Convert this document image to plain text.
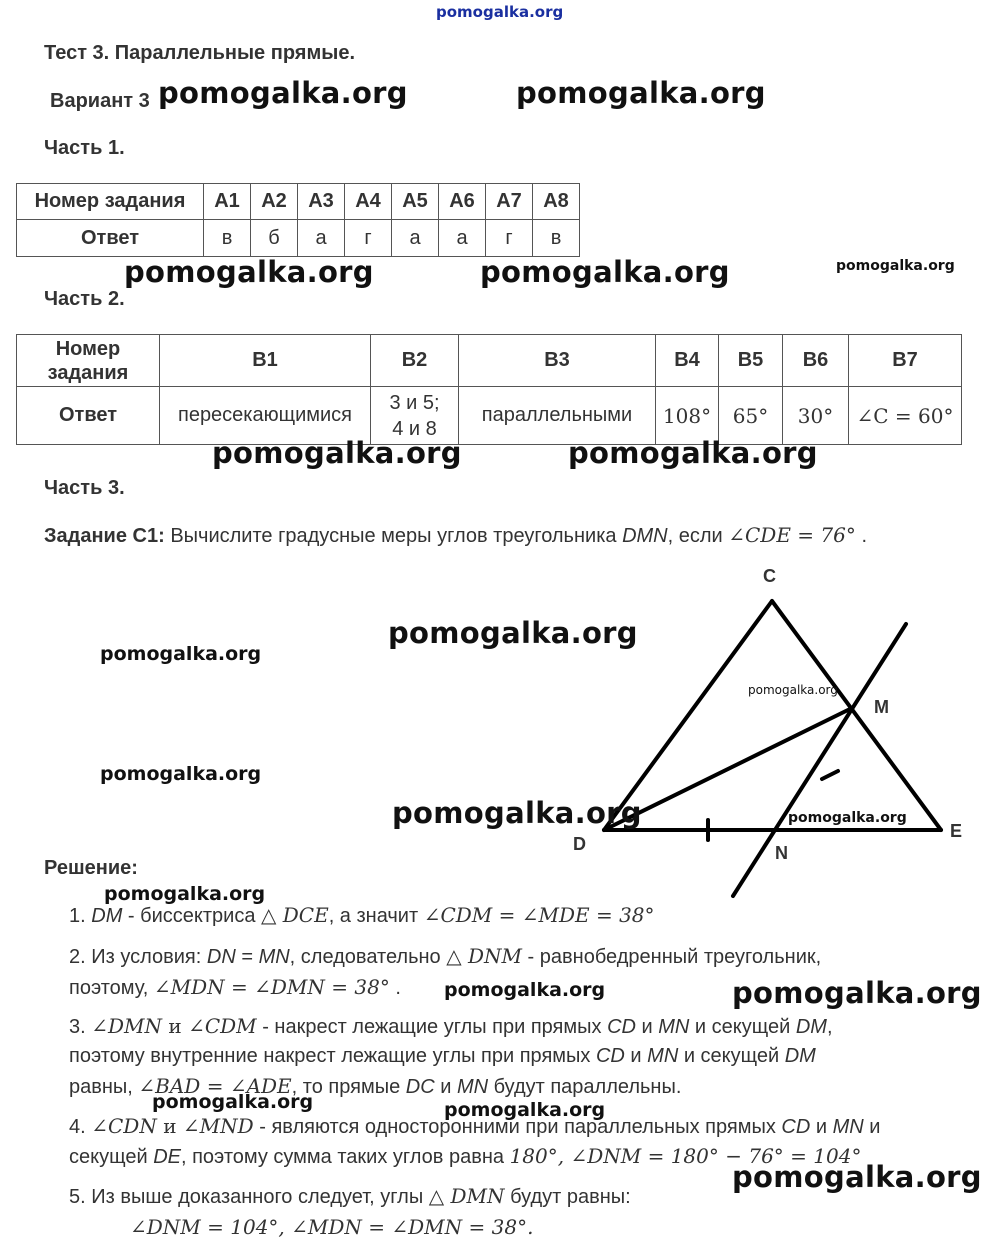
pomogalka.org
Тест 3. Параллельные прямые.
Вариант 3 pomogalka.org	pomogalka.org
Часть 1.
Номер задания	A1	A2	A3	A4	A5	A6	A7	A8
Ответ	в	б	а	г	а	а	г	в
pomogalka.org	pomogalka.org	pomogalka.org
Часть 2.
Номер
задания	B1	B2	B3	B4	B5	B6	B7
Ответ	пересекающимися	3 и 5;
4 и 8	параллельными	108°	65°	30°	∠C = 60°
pomogalka.org	pomogalka.org
Часть 3.
Задание С1: Вычислите градусные меры углов треугольника DMN, если ∠CDE = 76° .
C
M
D	N
E
pomogalka.org
pomogalka.org
pomogalka.org
pomogalka.org
pomogalka.org	pomogalka.org
Решение:
pomogalka.org
1. DM - биссектриса △ DCE, а значит ∠CDM = ∠MDE = 38°
2. Из условия: DN = MN, следовательно △ DNM - равнобедренный треугольник,
поэтому, ∠MDN = ∠DMN = 38° . pomogalka.org	pomogalka.org
3. ∠DMN и ∠CDM - накрест лежащие углы при прямых CD и MN и секущей DM,
поэтому внутренние накрест лежащие углы при прямых CD и MN и секущей DM
равны, ∠BAD = ∠ADE, то прямые DC и MN будут параллельны.
pomogalka.org	pomogalka.org
4. ∠CDN и ∠MND - являются односторонними при параллельных прямых CD и MN и
секущей DE, поэтому сумма таких углов равна 180°, ∠DNM = 180° − 76° = 104°
pomogalka.org
5. Из выше доказанного следует, углы △ DMN будут равны:
∠DNM = 104°, ∠MDN = ∠DMN = 38°.
